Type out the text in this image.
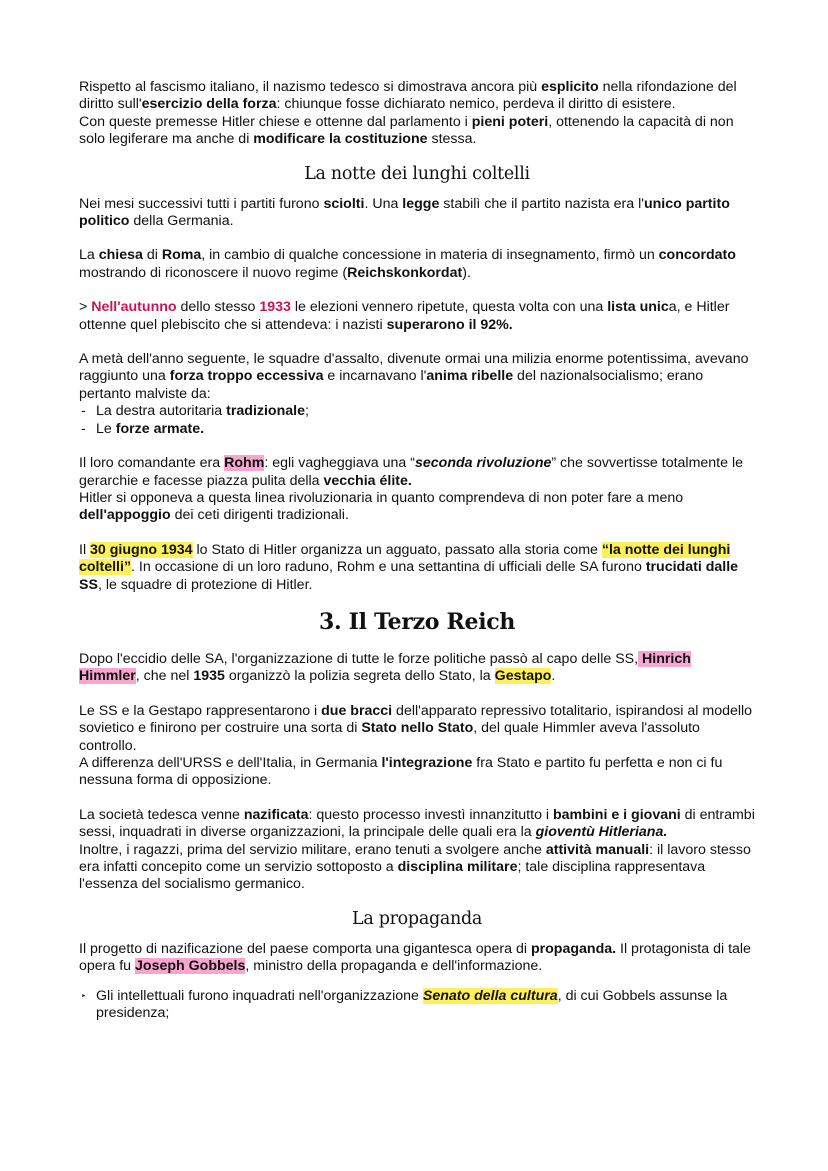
Rispetto al fascismo italiano, il nazismo tedesco si dimostrava ancora più esplicito nella rifondazione del diritto sull'esercizio della forza: chiunque fosse dichiarato nemico, perdeva il diritto di esistere.

Con queste premesse Hitler chiese e ottenne dal parlamento i pieni poteri, ottenendo la capacità di non solo legiferare ma anche di modificare la costituzione stessa.

La notte dei lunghi coltelli

Nei mesi successivi tutti i partiti furono sciolti. Una legge stabilì che il partito nazista era l'unico partito politico della Germania.

La chiesa di Roma, in cambio di qualche concessione in materia di insegnamento, firmò un concordato mostrando di riconoscere il nuovo regime (Reichskonkordat).

> Nell'autunno dello stesso 1933 le elezioni vennero ripetute, questa volta con una lista unica, e Hitler ottenne quel plebiscito che si attendeva: i nazisti superarono il 92%.

A metà dell'anno seguente, le squadre d'assalto, divenute ormai una milizia enorme potentissima, avevano raggiunto una forza troppo eccessiva e incarnavano l'anima ribelle del nazionalsocialismo; erano pertanto malviste da:

- La destra autoritaria tradizionale;
- Le forze armate.

Il loro comandante era Rohm: egli vagheggiava una “seconda rivoluzione” che sovvertisse totalmente le gerarchie e facesse piazza pulita della vecchia élite.

Hitler si opponeva a questa linea rivoluzionaria in quanto comprendeva di non poter fare a meno dell'appoggio dei ceti dirigenti tradizionali.

Il 30 giugno 1934 lo Stato di Hitler organizza un agguato, passato alla storia come “la notte dei lunghi coltelli”. In occasione di un loro raduno, Rohm e una settantina di ufficiali delle SA furono trucidati dalle SS, le squadre di protezione di Hitler.

3. Il Terzo Reich

Dopo l'eccidio delle SA, l'organizzazione di tutte le forze politiche passò al capo delle SS, Hinrich Himmler, che nel 1935 organizzò la polizia segreta dello Stato, la Gestapo.

Le SS e la Gestapo rappresentarono i due bracci dell'apparato repressivo totalitario, ispirandosi al modello sovietico e finirono per costruire una sorta di Stato nello Stato, del quale Himmler aveva l'assoluto controllo.

A differenza dell'URSS e dell'Italia, in Germania l'integrazione fra Stato e partito fu perfetta e non ci fu nessuna forma di opposizione.

La società tedesca venne nazificata: questo processo investì innanzitutto i bambini e i giovani di entrambi sessi, inquadrati in diverse organizzazioni, la principale delle quali era la gioventù Hitleriana.

Inoltre, i ragazzi, prima del servizio militare, erano tenuti a svolgere anche attività manuali: il lavoro stesso era infatti concepito come un servizio sottoposto a disciplina militare; tale disciplina rappresentava l'essenza del socialismo germanico.

La propaganda

Il progetto di nazificazione del paese comporta una gigantesca opera di propaganda. Il protagonista di tale opera fu Joseph Gobbels, ministro della propaganda e dell'informazione.

‣ Gli intellettuali furono inquadrati nell'organizzazione Senato della cultura, di cui Gobbels assunse la presidenza;
